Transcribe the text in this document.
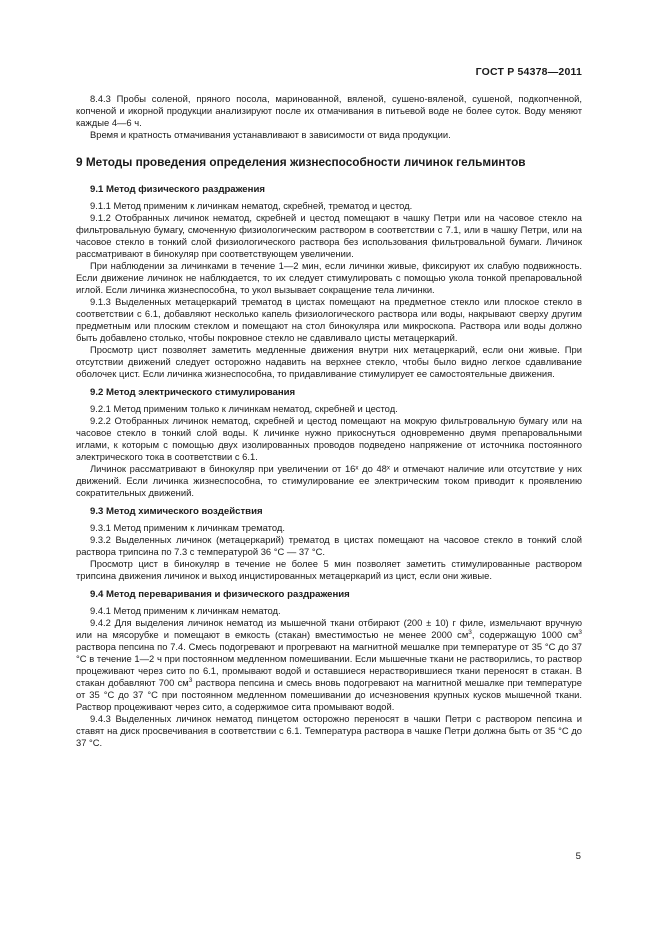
ГОСТ Р 54378—2011

8.4.3 Пробы соленой, пряного посола, маринованной, вяленой, сушено-вяленой, сушеной, подкопченной, копченой и икорной продукции анализируют после их отмачивания в питьевой воде не более суток. Воду меняют каждые 4—6 ч.

Время и кратность отмачивания устанавливают в зависимости от вида продукции.

9 Методы проведения определения жизнеспособности личинок гельминтов
9.1 Метод физического раздражения

9.1.1 Метод применим к личинкам нематод, скребней, трематод и цестод.

9.1.2 Отобранных личинок нематод, скребней и цестод помещают в чашку Петри или на часовое стекло на фильтровальную бумагу, смоченную физиологическим раствором в соответствии с 7.1, или в чашку Петри, или на часовое стекло в тонкий слой физиологического раствора без использования фильтровальной бумаги. Личинок рассматривают в бинокуляр при соответствующем увеличении.

При наблюдении за личинками в течение 1—2 мин, если личинки живые, фиксируют их слабую подвижность. Если движение личинок не наблюдается, то их следует стимулировать с помощью укола тонкой препаровальной иглой. Если личинка жизнеспособна, то укол вызывает сокращение тела личинки.

9.1.3 Выделенных метацеркарий трематод в цистах помещают на предметное стекло или плоское стекло в соответствии с 6.1, добавляют несколько капель физиологического раствора или воды, накрывают сверху другим предметным или плоским стеклом и помещают на стол бинокуляра или микроскопа. Раствора или воды должно быть добавлено столько, чтобы покровное стекло не сдавливало цисты метацеркарий.

Просмотр цист позволяет заметить медленные движения внутри них метацеркарий, если они живые. При отсутствии движений следует осторожно надавить на верхнее стекло, чтобы было видно легкое сдавливание оболочек цист. Если личинка жизнеспособна, то придавливание стимулирует ее самостоятельные движения.

9.2 Метод электрического стимулирования

9.2.1 Метод применим только к личинкам нематод, скребней и цестод.

9.2.2 Отобранных личинок нематод, скребней и цестод помещают на мокрую фильтровальную бумагу или на часовое стекло в тонкий слой воды. К личинке нужно прикоснуться одновременно двумя препаровальными иглами, к которым с помощью двух изолированных проводов подведено напряжение от источника постоянного электрического тока в соответствии с 6.1.

Личинок рассматривают в бинокуляр при увеличении от 16ˣ до 48ˣ и отмечают наличие или отсутствие у них движений. Если личинка жизнеспособна, то стимулирование ее электрическим током приводит к проявлению сократительных движений.

9.3 Метод химического воздействия

9.3.1 Метод применим к личинкам трематод.

9.3.2 Выделенных личинок (метацеркарий) трематод в цистах помещают на часовое стекло в тонкий слой раствора трипсина по 7.3 с температурой 36 °С — 37 °С.

Просмотр цист в бинокуляр в течение не более 5 мин позволяет заметить стимулированные раствором трипсина движения личинок и выход инцистированных метацеркарий из цист, если они живые.

9.4 Метод переваривания и физического раздражения

9.4.1 Метод применим к личинкам нематод.

9.4.2 Для выделения личинок нематод из мышечной ткани отбирают (200 ± 10) г филе, измельчают вручную или на мясорубке и помещают в емкость (стакан) вместимостью не менее 2000 $см^3$, содержащую 1000 $см^3$ раствора пепсина по 7.4. Смесь подогревают и прогревают на магнитной мешалке при температуре от 35 °С до 37 °С в течение 1—2 ч при постоянном медленном помешивании. Если мышечные ткани не растворились, то раствор процеживают через сито по 6.1, промывают водой и оставшиеся нерастворившиеся ткани переносят в стакан. В стакан добавляют 700 $см^3$ раствора пепсина и смесь вновь подогревают на магнитной мешалке при температуре от 35 °С до 37 °С при постоянном медленном помешивании до исчезновения крупных кусков мышечной ткани. Раствор процеживают через сито, а содержимое сита промывают водой.

9.4.3 Выделенных личинок нематод пинцетом осторожно переносят в чашки Петри с раствором пепсина и ставят на диск просвечивания в соответствии с 6.1. Температура раствора в чашке Петри должна быть от 35 °С до 37 °С.

5
